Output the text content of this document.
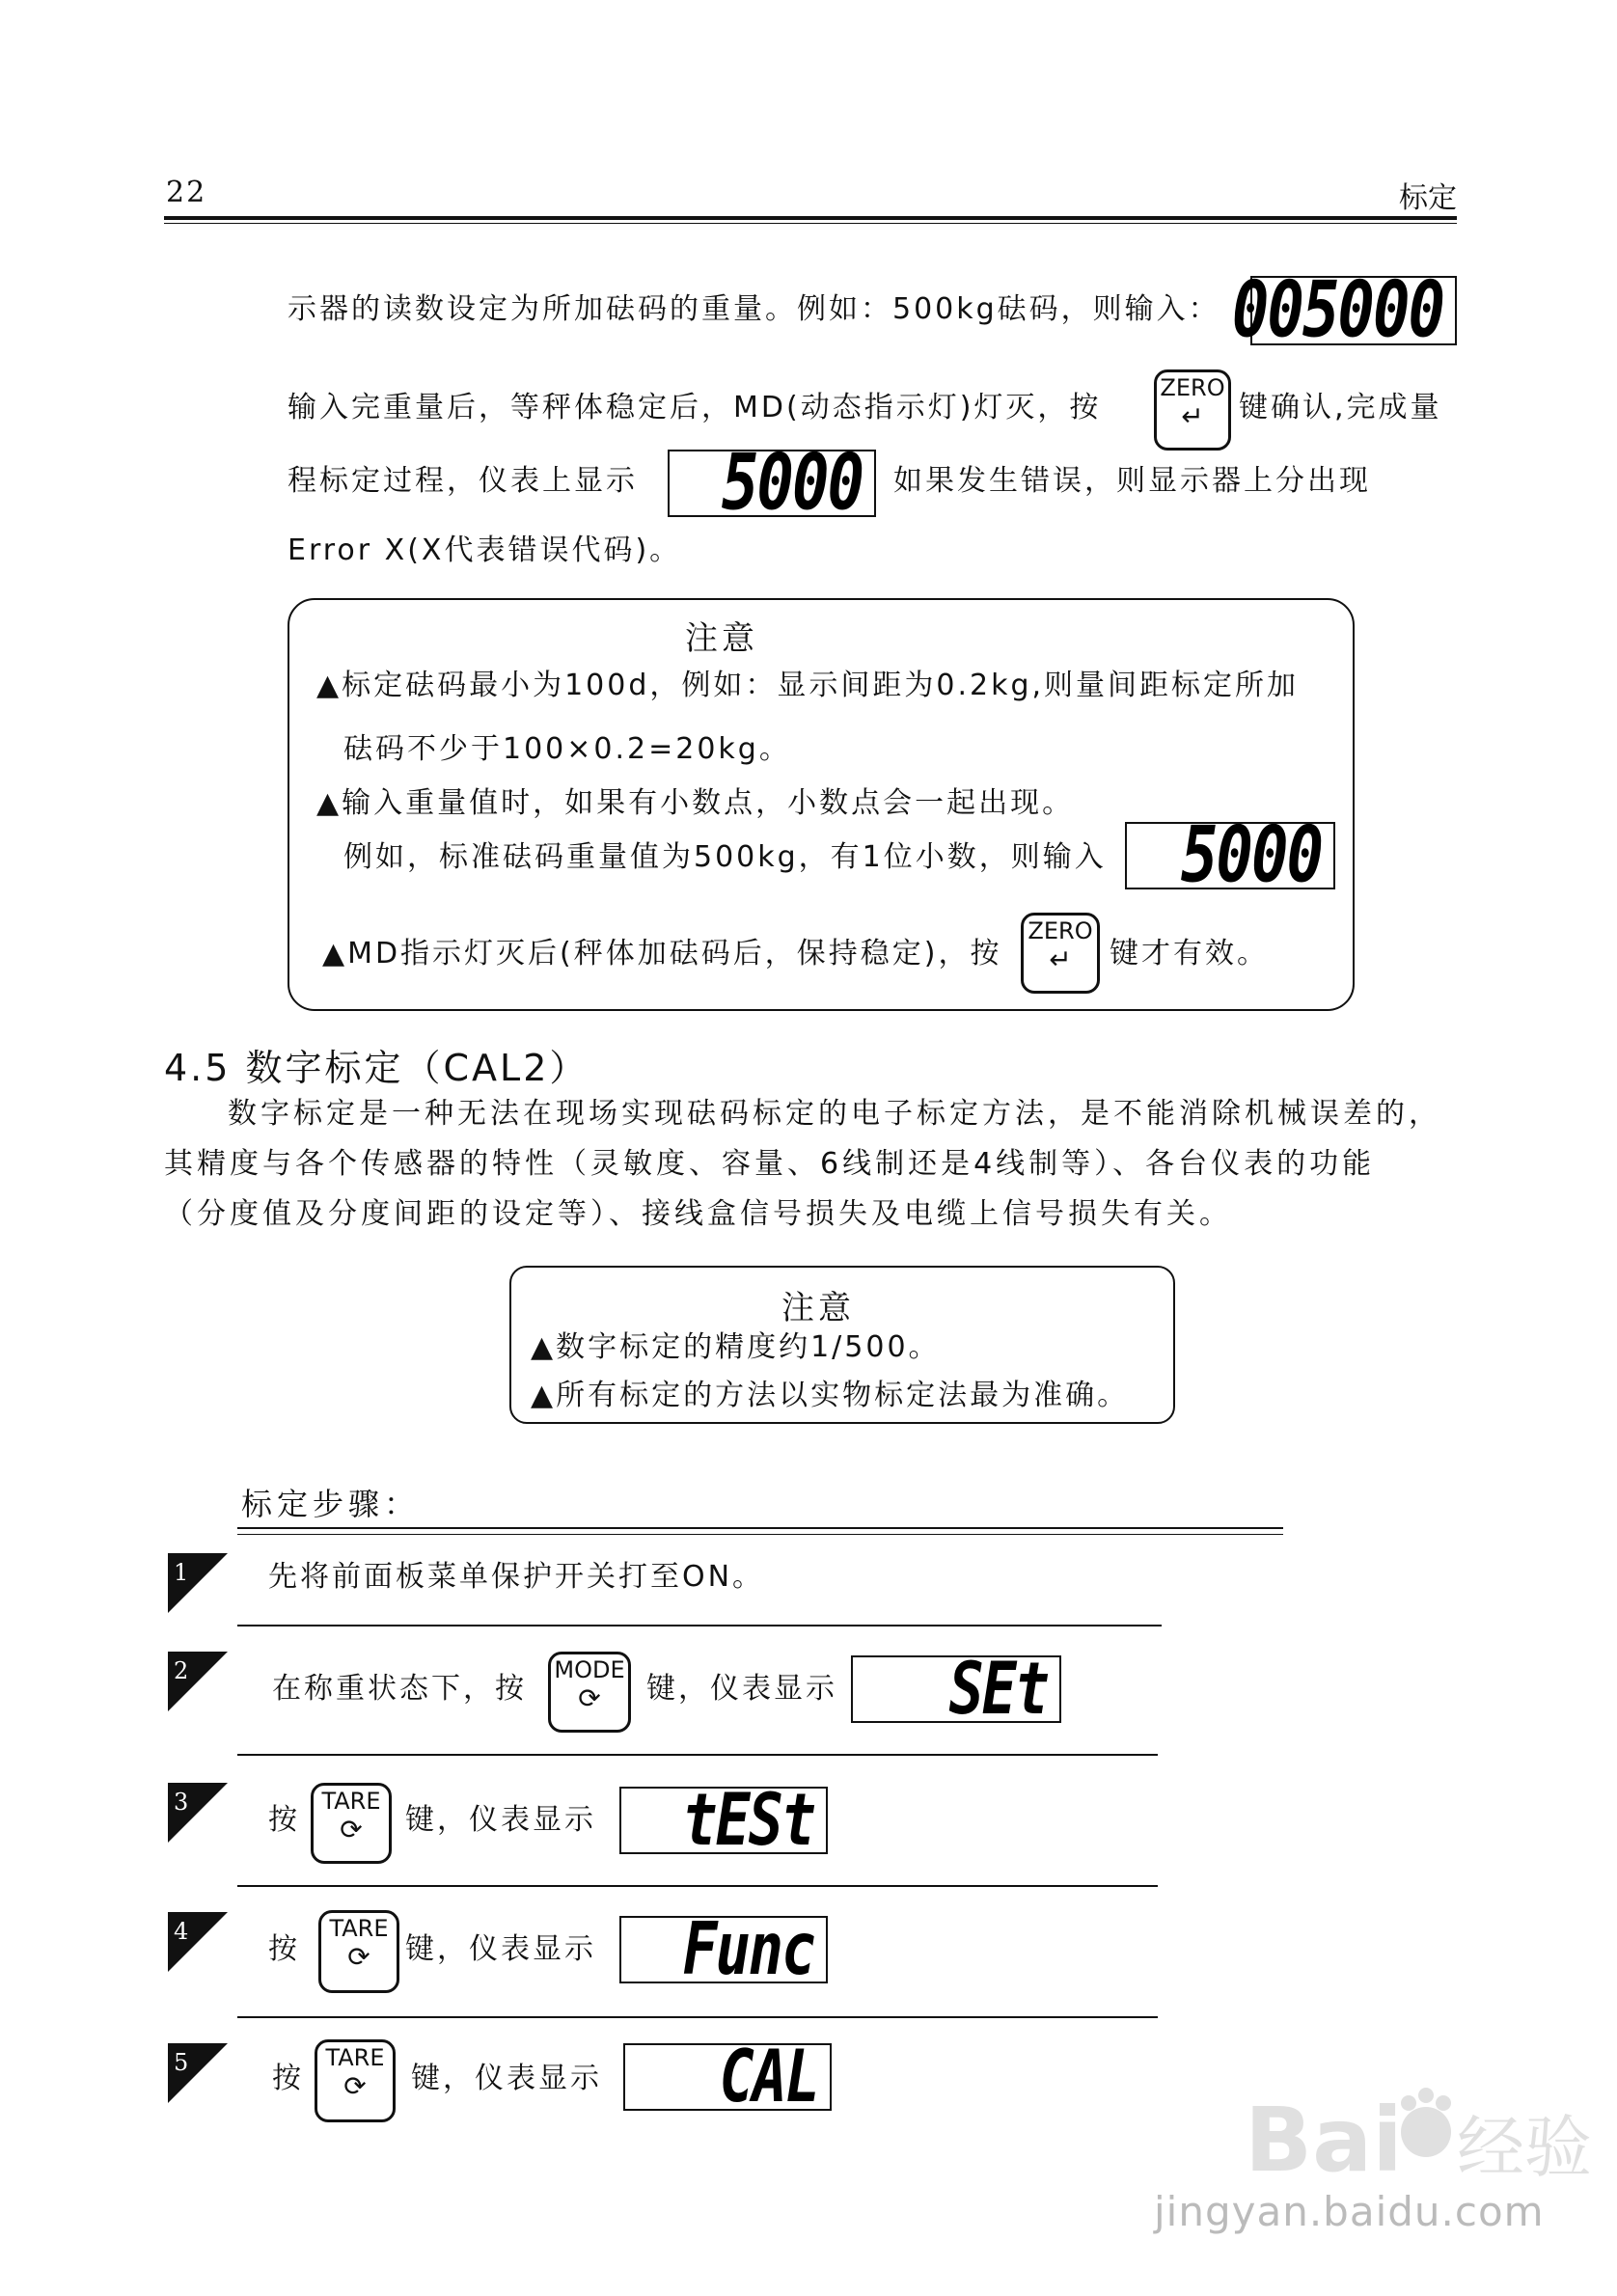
22	标定
示器的读数设定为所加砝码的重量。例如：500kg砝码，则输入： 005000
输入完重量后，等秤体稳定后，MD(动态指示灯)灯灭，按
ZERO
↵	键确认,完成量
程标定过程，仪表上显示 5000 如果发生错误，则显示器上分出现
Error X(X代表错误代码)。
注意
▲标定砝码最小为100d，例如：显示间距为0.2kg,则量间距标定所加
砝码不少于100×0.2=20kg。
▲输入重量值时，如果有小数点，小数点会一起出现。
例如，标准砝码重量值为500kg，有1位小数，则输入 5000
▲MD指示灯灭后(秤体加砝码后，保持稳定)，按
ZERO
↵	键才有效。
4.5 数字标定（CAL2）
数字标定是一种无法在现场实现砝码标定的电子标定方法，是不能消除机械误差的，
其精度与各个传感器的特性（灵敏度、容量、6线制还是4线制等）、各台仪表的功能
（分度值及分度间距的设定等）、接线盒信号损失及电缆上信号损失有关。
注意
▲数字标定的精度约1/500。
▲所有标定的方法以实物标定法最为准确。
标定步骤：
1	先将前面板菜单保护开关打至ON。
2
在称重状态下，按
MODE
⟳	键，仪表显示 SEt
3
按
TARE
⟳	键，仪表显示 tESt
4
按
TARE
⟳	键，仪表显示 Func
5	按
TARE
⟳	键，仪表显示 CAL
Bai 经验
jingyan.baidu.com
